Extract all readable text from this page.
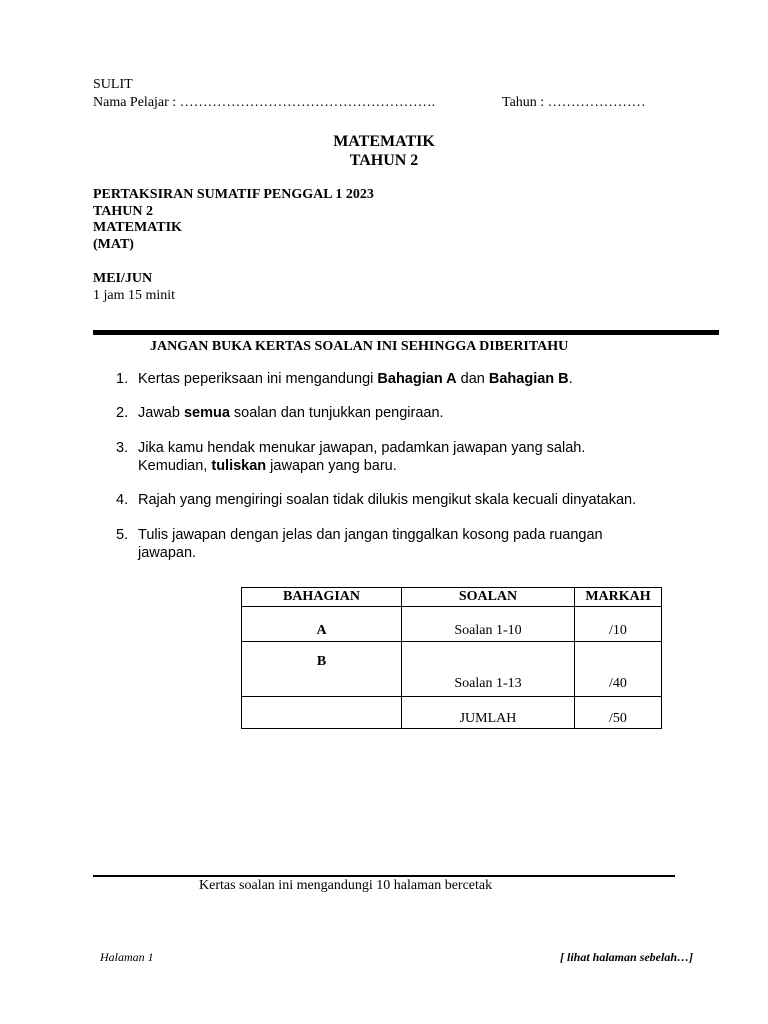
SULIT
Nama Pelajar : ……………………………………………….	Tahun : …………………
MATEMATIK
TAHUN 2
PERTAKSIRAN SUMATIF PENGGAL 1 2023
TAHUN 2
MATEMATIK
(MAT)
MEI/JUN
1 jam 15 minit
JANGAN BUKA KERTAS SOALAN INI SEHINGGA DIBERITAHU
1. Kertas peperiksaan ini mengandungi Bahagian A dan Bahagian B.
2. Jawab semua soalan dan tunjukkan pengiraan.
3. Jika kamu hendak menukar jawapan, padamkan jawapan yang salah.
Kemudian, tuliskan jawapan yang baru.
4. Rajah yang mengiringi soalan tidak dilukis mengikut skala kecuali dinyatakan.
5. Tulis jawapan dengan jelas dan jangan tinggalkan kosong pada ruangan
jawapan.
BAHAGIAN	SOALAN	MARKAH
A	Soalan 1-10	/10
B	Soalan 1-13	/40
	JUMLAH	/50
Kertas soalan ini mengandungi 10 halaman bercetak
Halaman 1	[ lihat halaman sebelah…]
